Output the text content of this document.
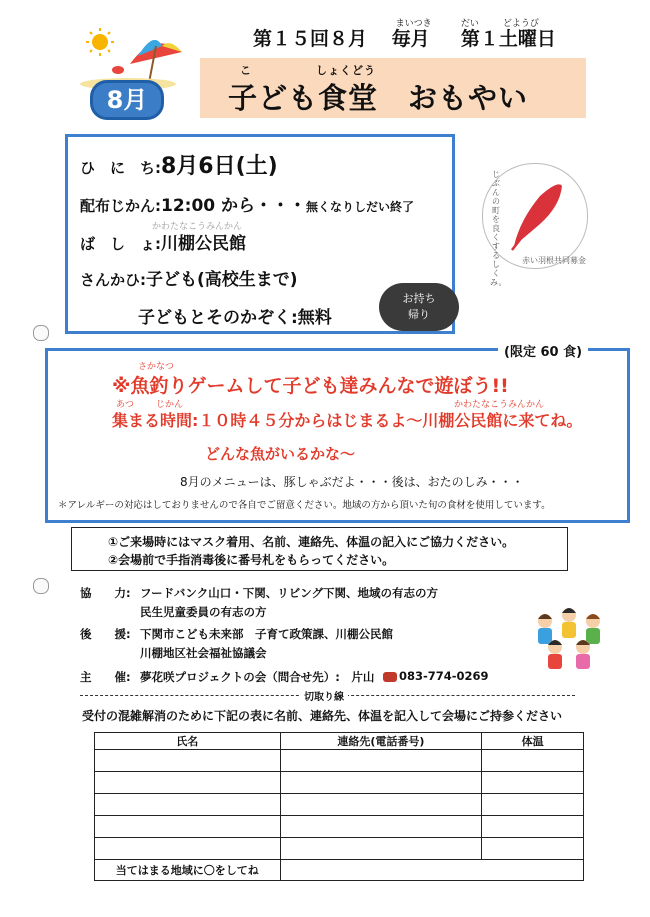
第１５回８月
まいつき
毎月
だい	どようび
第１土曜日
8月
こ	しょくどう
子ども食堂　おもやい
ひ　に　ち:8月6日(土)
配布じかん:12:00 から・・・無くなりしだい終了
かわたなこうみんかん
ば　し　ょ:川棚公民館
さんかひ:子ども(高校生まで)
子どもとそのかぞく:無料
じぶんの町を良くするしくみ。
赤い羽根共同募金
お持ち
帰り
(限定 60 食)
さかなつ
※魚釣りゲームして子ども達みんなで遊ぼう!!
あつ じかん	かわたなこうみんかん
集まる時間:１０時４５分からはじまるよ～川棚公民館に来てね。
どんな魚がいるかな～
8月のメニューは、豚しゃぶだよ・・・後は、おたのしみ・・・
＊アレルギーの対応はしておりませんので各自でご留意ください。地域の方から頂いた旬の食材を使用しています。
①ご来場時にはマスク着用、名前、連絡先、体温の記入にご協力ください。
②会場前で手指消毒後に番号札をもらってください。
協　　力: フードバンク山口・下関、リビング下関、地域の有志の方
民生児童委員の有志の方
後　　援: 下関市こども未来部　子育て政策課、川棚公民館
川棚地区社会福祉協議会
主　　催: 夢花咲プロジェクトの会（問合せ先）:　片山	083-774-0269
切取り線
受付の混雑解消のために下記の表に名前、連絡先、体温を記入して会場にご持参ください
氏名	連絡先(電話番号)	体温

当てはまる地域に〇をしてね		
